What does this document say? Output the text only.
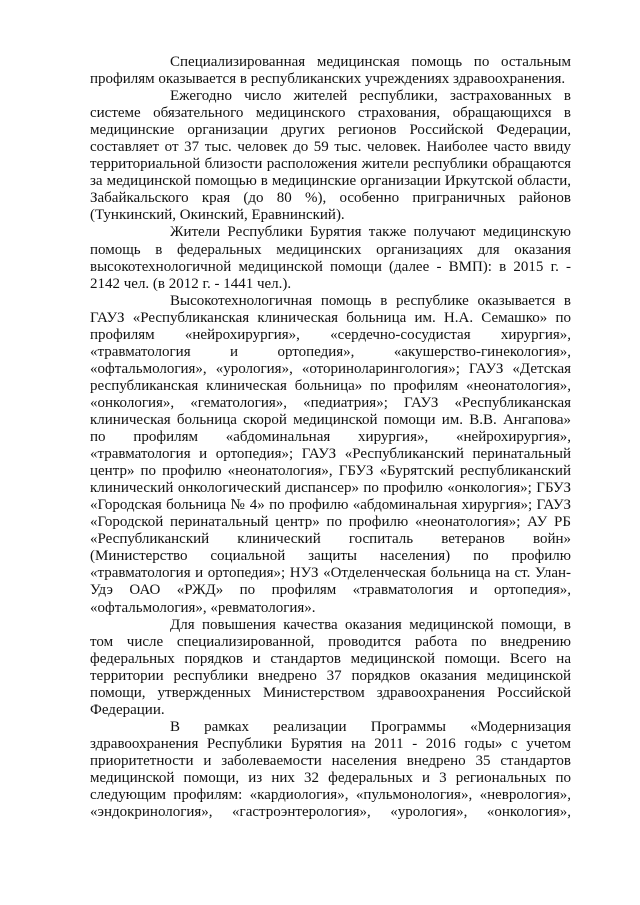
Специализированная медицинская помощь по остальным профилям оказывается в республиканских учреждениях здравоохранения.

Ежегодно число жителей республики, застрахованных в системе обязательного медицинского страхования, обращающихся в медицинские организации других регионов Российской Федерации, составляет от 37 тыс. человек до 59 тыс. человек. Наиболее часто ввиду территориальной близости расположения жители республики обращаются за медицинской помощью в медицинские организации Иркутской области, Забайкальского края (до 80 %), особенно приграничных районов (Тункинский, Окинский, Еравнинский).

Жители Республики Бурятия также получают медицинскую помощь в федеральных медицинских организациях для оказания высокотехнологичной медицинской помощи (далее - ВМП): в 2015 г. - 2142 чел. (в 2012 г. - 1441 чел.).

Высокотехнологичная помощь в республике оказывается в ГАУЗ «Республиканская клиническая больница им. Н.А. Семашко» по профилям «нейрохирургия», «сердечно-сосудистая хирургия», «травматология и ортопедия», «акушерство-гинекология», «офтальмология», «урология», «оториноларингология»; ГАУЗ «Детская республиканская клиническая больница» по профилям «неонатология», «онкология», «гематология», «педиатрия»; ГАУЗ «Республиканская клиническая больница скорой медицинской помощи им. В.В. Ангапова» по профилям «абдоминальная хирургия», «нейрохирургия», «травматология и ортопедия»; ГАУЗ «Республиканский перинатальный центр» по профилю «неонатология», ГБУЗ «Бурятский республиканский клинический онкологический диспансер» по профилю «онкология»; ГБУЗ «Городская больница № 4» по профилю «абдоминальная хирургия»; ГАУЗ «Городской перинатальный центр» по профилю «неонатология»; АУ РБ «Республиканский клинический госпиталь ветеранов войн» (Министерство социальной защиты населения) по профилю «травматология и ортопедия»; НУЗ «Отделенческая больница на ст. Улан-Удэ ОАО «РЖД» по профилям «травматология и ортопедия», «офтальмология», «ревматология».

Для повышения качества оказания медицинской помощи, в том числе специализированной, проводится работа по внедрению федеральных порядков и стандартов медицинской помощи. Всего на территории республики внедрено 37 порядков оказания медицинской помощи, утвержденных Министерством здравоохранения Российской Федерации.

В рамках реализации Программы «Модернизация здравоохранения Республики Бурятия на 2011 - 2016 годы» с учетом приоритетности и заболеваемости населения внедрено 35 стандартов медицинской помощи, из них 32 федеральных и 3 региональных по следующим профилям: «кардиология», «пульмонология», «неврология», «эндокринология», «гастроэнтерология», «урология», «онкология»,
